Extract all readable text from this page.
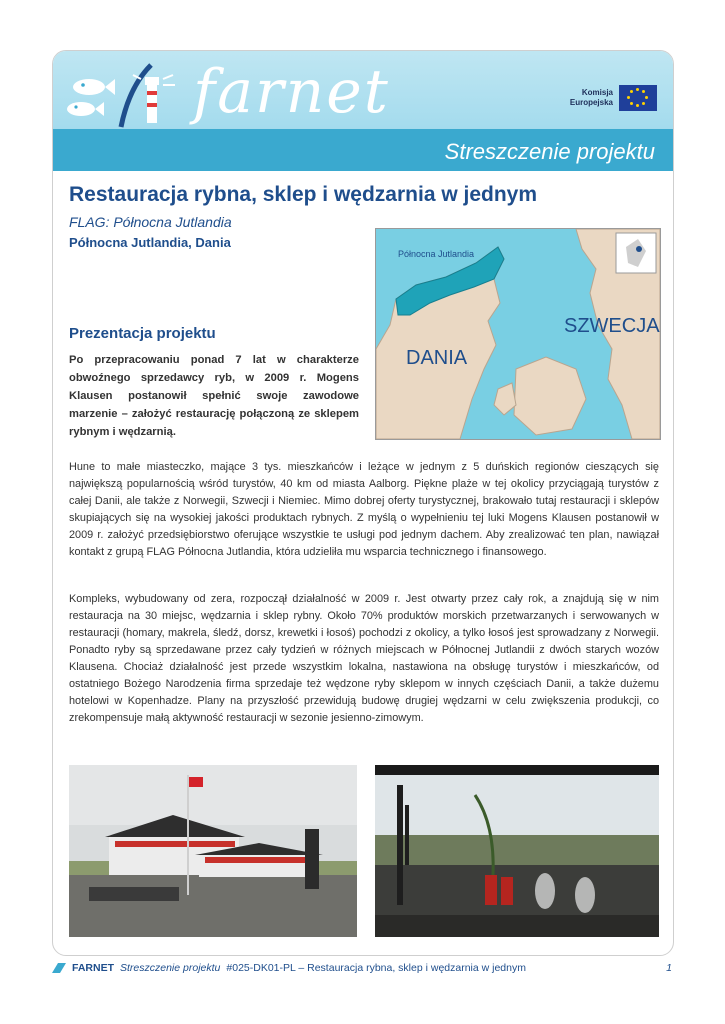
farnet	Komisja
Europejska
Streszczenie projektu
Restauracja rybna, sklep i wędzarnia w jednym
FLAG: Północna Jutlandia
Północna Jutlandia, Dania
Północna Jutlandia
DANIA
SZWECJA
Prezentacja projektu
Po przepracowaniu ponad 7 lat w charakterze obwoźnego sprzedawcy ryb, w 2009 r. Mogens Klausen postanowił spełnić swoje zawodowe marzenie – założyć restaurację połączoną ze sklepem rybnym i wędzarnią.
Hune to małe miasteczko, mające 3 tys. mieszkańców i leżące w jednym z 5 duńskich regionów cieszących się największą popularnością wśród turystów, 40 km od miasta Aalborg. Piękne plaże w tej okolicy przyciągają turystów z całej Danii, ale także z Norwegii, Szwecji i Niemiec. Mimo dobrej oferty turystycznej, brakowało tutaj restauracji i sklepów skupiających się na wysokiej jakości produktach rybnych. Z myślą o wypełnieniu tej luki Mogens Klausen postanowił w 2009 r. założyć przedsiębiorstwo oferujące wszystkie te usługi pod jednym dachem. Aby zrealizować ten plan, nawiązał kontakt z grupą FLAG Północna Jutlandia, która udzieliła mu wsparcia technicznego i finansowego.
Kompleks, wybudowany od zera, rozpoczął działalność w 2009 r. Jest otwarty przez cały rok, a znajdują się w nim restauracja na 30 miejsc, wędzarnia i sklep rybny. Około 70% produktów morskich przetwarzanych i serwowanych w restauracji (homary, makrela, śledź, dorsz, krewetki i łosoś) pochodzi z okolicy, a tylko łosoś jest sprowadzany z Norwegii. Ponadto ryby są sprzedawane przez cały tydzień w różnych miejscach w Północnej Jutlandii z dwóch starych wozów Klausena. Chociaż działalność jest przede wszystkim lokalna, nastawiona na obsługę turystów i mieszkańców, od ostatniego Bożego Narodzenia firma sprzedaje też wędzone ryby sklepom w innych częściach Danii, a także dużemu hotelowi w Kopenhadze. Plany na przyszłość przewidują budowę drugiej wędzarni w celu zwiększenia produkcji, co zrekompensuje małą aktywność restauracji w sezonie jesienno-zimowym.
FARNET Streszczenie projektu #025-DK01-PL – Restauracja rybna, sklep i wędzarnia w jednym	1
